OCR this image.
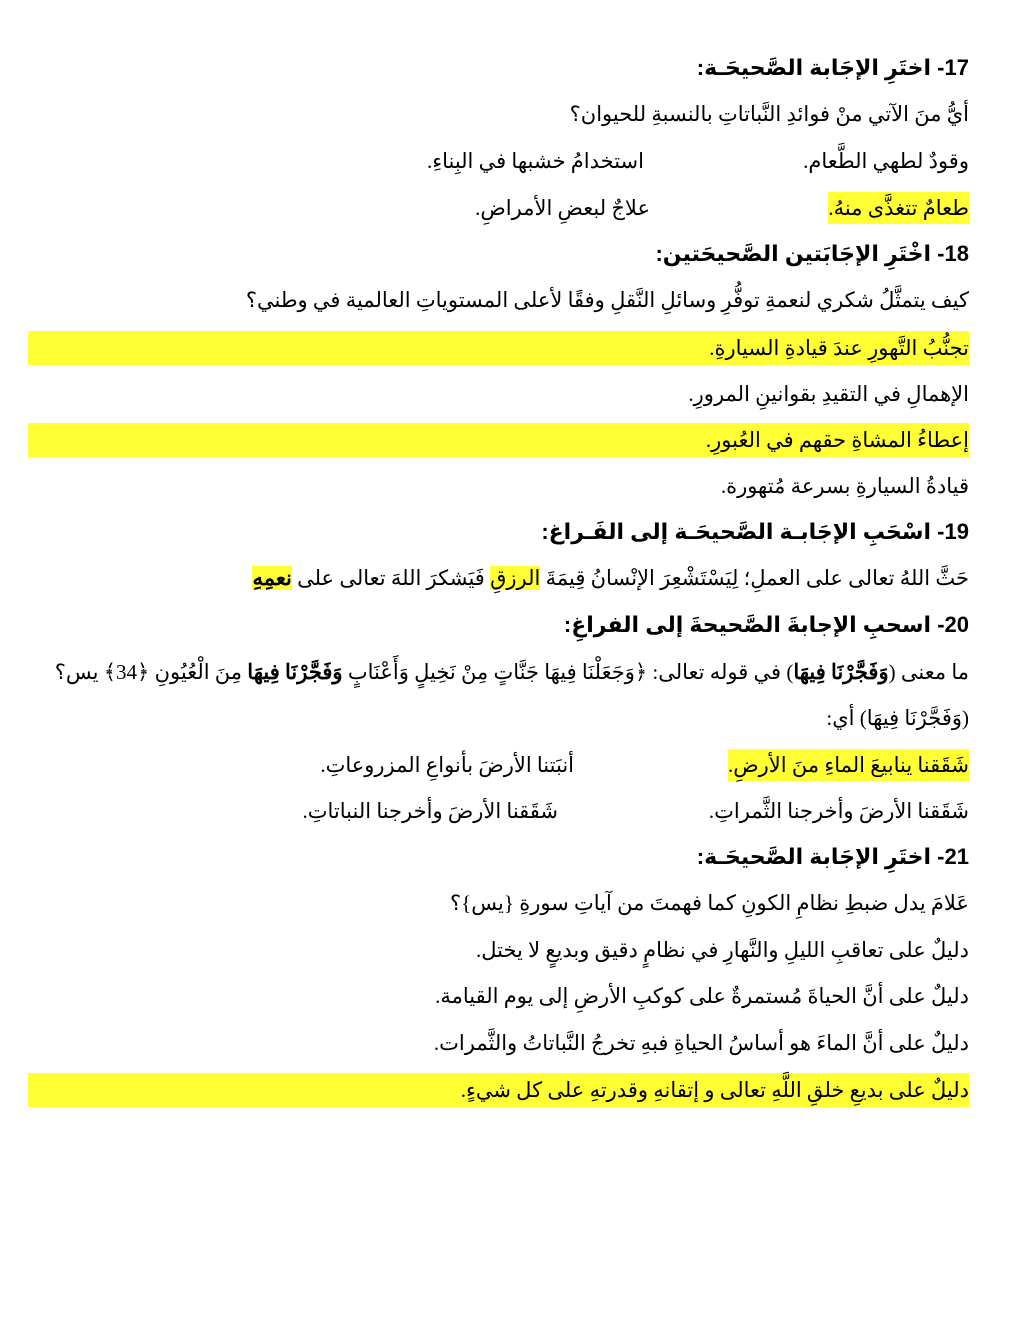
17- اختَرِ الإجَابة الصَّحيحَـة:
أيُّ منَ الآتي منْ فوائدِ النَّباتاتِ بالنسبةِ للحيوان؟
وقودٌ لطهي الطَّعام.
استخدامُ خشبها في البِناءِ.
طعامٌ تتغذَّى منهُ.
علاجٌ لبعضِ الأمراضِ.
18- اخْتَرِ الإجَابَتين الصَّحيحَتين:
كيف يتمثَّلُ شكري لنعمةِ توفُّرِ وسائلِ النَّقلِ وفقًا لأعلى المستوياتِ العالمية في وطني؟
تجنُّبُ التَّهورِ عندَ قيادةِ السيارةِ.
الإهمالِ في التقيدِ بقوانينِ المرورِ.
إعطاءُ المشاةِ حقهم في العُبورِ.
قيادةُ السيارةِ بسرعة مُتهورة.
19- اسْحَبِ الإجَابـة الصَّحيحَـة إلى الفَـراغ:
حَثَّ اللهُ تعالى على العملِ؛ لِيَسْتَشْعِرَ الإنْسانُ قِيمَةَ الرزقِ فَيَشكرَ اللهَ تعالى على نعمِهِ
20- اسحبِ الإجابةَ الصَّحيحةَ إلى الفراغِ:
ما معنى (وَفَجَّرْنَا فِيهَا) في قوله تعالى: ﴿وَجَعَلْنَا فِيهَا جَنَّاتٍ مِنْ نَخِيلٍ وَأَعْنَابٍ وَفَجَّرْنَا فِيهَا مِنَ الْعُيُونِ ﴿34﴾ يس؟
(وَفَجَّرْنَا فِيهَا) أي:
شَقَقنا ينابيعَ الماءِ منَ الأرضِ.
أنبَتنا الأرضَ بأنواعِ المزروعاتِ.
شَقَقنا الأرضَ وأخرجنا الثَّمراتِ.
شَقَقنا الأرضَ وأخرجنا النباتاتِ.
21- اختَرِ الإجَابة الصَّحيحَـة:
عَلامَ يدل ضبطِ نظامِ الكونِ كما فهمتَ من آياتِ سورةِ {يس}؟
دليلٌ على تعاقبِ الليلِ والنَّهارِ في نظامٍ دقيق وبديعٍ لا يختل.
دليلٌ على أنَّ الحياةَ مُستمرةٌ على كوكبِ الأرضِ إلى يوم القيامة.
دليلٌ على أنَّ الماءَ هو أساسُ الحياةِ فبهِ تخرجُ النَّباتاتُ والثَّمرات.
دليلٌ على بديعِ خلقِ اللَّهِ تعالى و إتقانهِ وقدرتهِ على كل شيءٍ.
